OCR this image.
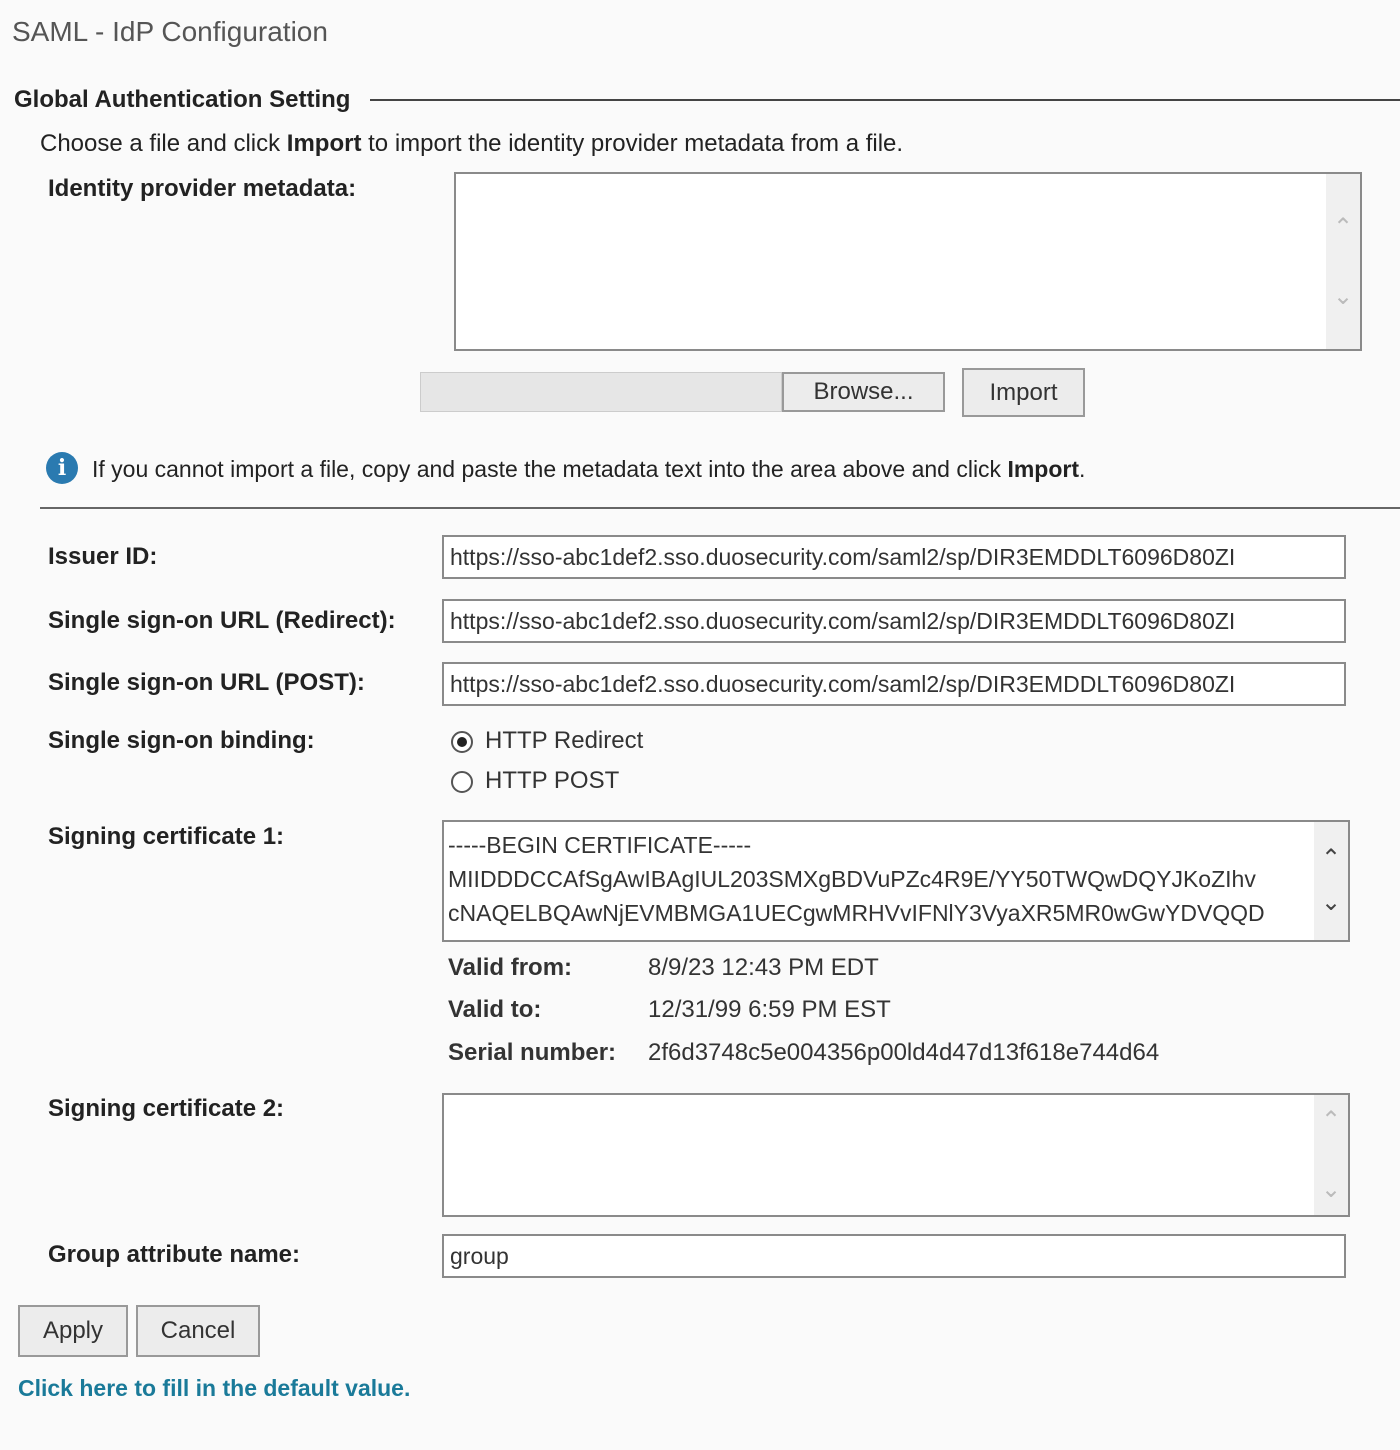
SAML - IdP Configuration
Global Authentication Setting
Choose a file and click Import to import the identity provider metadata from a file.
Identity provider metadata:
⌃
⌄
Browse...	Import
i	If you cannot import a file, copy and paste the metadata text into the area above and click Import.
Issuer ID:	https://sso-abc1def2.sso.duosecurity.com/saml2/sp/DIR3EMDDLT6096D80ZI
Single sign-on URL (Redirect):	https://sso-abc1def2.sso.duosecurity.com/saml2/sp/DIR3EMDDLT6096D80ZI
Single sign-on URL (POST):	https://sso-abc1def2.sso.duosecurity.com/saml2/sp/DIR3EMDDLT6096D80ZI
Single sign-on binding:	HTTP Redirect
HTTP POST
Signing certificate 1:	-----BEGIN CERTIFICATE-----
MIIDDDCCAfSgAwIBAgIUL203SMXgBDVuPZc4R9E/YY50TWQwDQYJKoZIhv
cNAQELBQAwNjEVMBMGA1UECgwMRHVvIFNlY3VyaXR5MR0wGwYDVQQD
⌃
⌄
Valid from:	8/9/23 12:43 PM EDT
Valid to:	12/31/99 6:59 PM EST
Serial number: 2f6d3748c5e004356p00ld4d47d13f618e744d64
Signing certificate 2:	⌃
⌄
Group attribute name:	group
Apply	Cancel
Click here to fill in the default value.
